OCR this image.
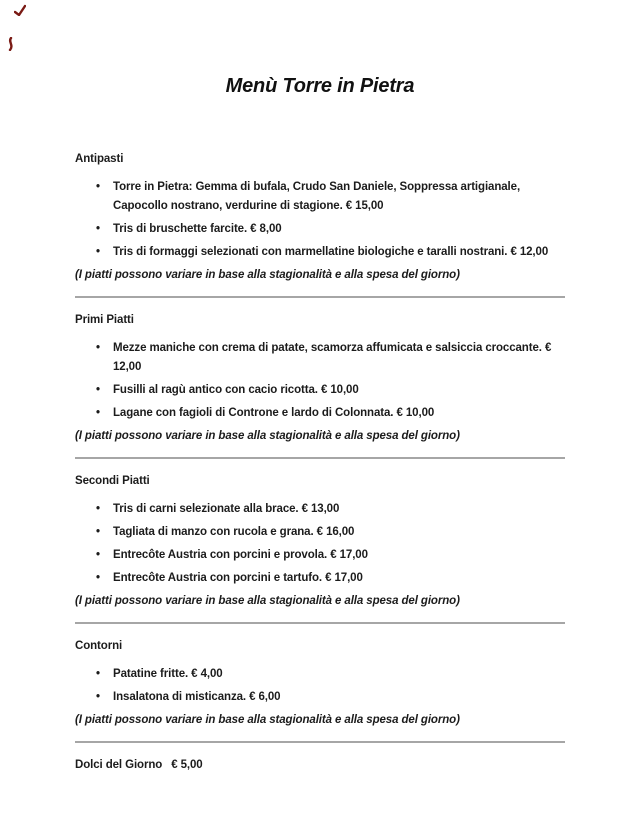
Menù Torre in Pietra
Antipasti
•	Torre in Pietra: Gemma di bufala, Crudo San Daniele, Soppressa artigianale, Capocollo nostrano, verdurine di stagione. € 15,00
•	Tris di bruschette farcite. € 8,00
•	Tris di formaggi selezionati con marmellatine biologiche e taralli nostrani. € 12,00

(I piatti possono variare in base alla stagionalità e alla spesa del giorno)

Primi Piatti
•	Mezze maniche con crema di patate, scamorza affumicata e salsiccia croccante. € 12,00
•	Fusilli al ragù antico con cacio ricotta. € 10,00
•	Lagane con fagioli di Controne e lardo di Colonnata. € 10,00

(I piatti possono variare in base alla stagionalità e alla spesa del giorno)

Secondi Piatti
•	Tris di carni selezionate alla brace. € 13,00
•	Tagliata di manzo con rucola e grana. € 16,00
•	Entrecôte Austria con porcini e provola. € 17,00
•	Entrecôte Austria con porcini e tartufo. € 17,00

(I piatti possono variare in base alla stagionalità e alla spesa del giorno)

Contorni
•	Patatine fritte. € 4,00
•	Insalatona di misticanza. € 6,00

(I piatti possono variare in base alla stagionalità e alla spesa del giorno)

Dolci del Giorno € 5,00
